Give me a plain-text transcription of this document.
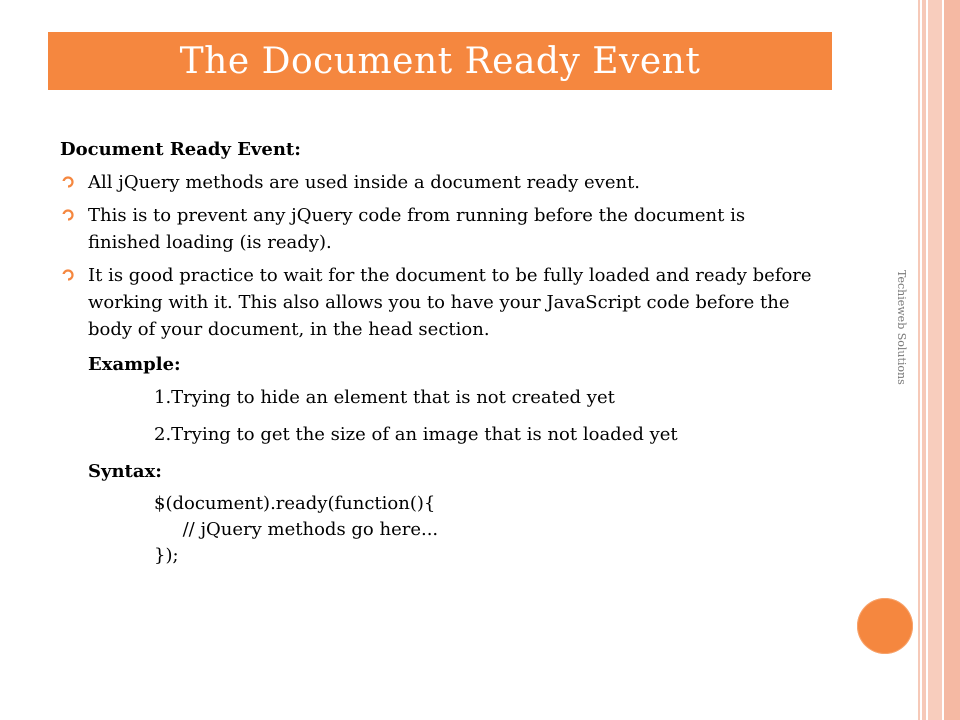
The Document Ready Event
Techieweb Solutions
Document Ready Event:
All jQuery methods are used inside a document ready event.
This is to prevent any jQuery code from running before the document is finished loading (is ready).
It is good practice to wait for the document to be fully loaded and ready before working with it. This also allows you to have your JavaScript code before the body of your document, in the head section.
Example:
1.Trying to hide an element that is not created yet
2.Trying to get the size of an image that is not loaded yet
Syntax:
$(document).ready(function(){
// jQuery methods go here...
});
